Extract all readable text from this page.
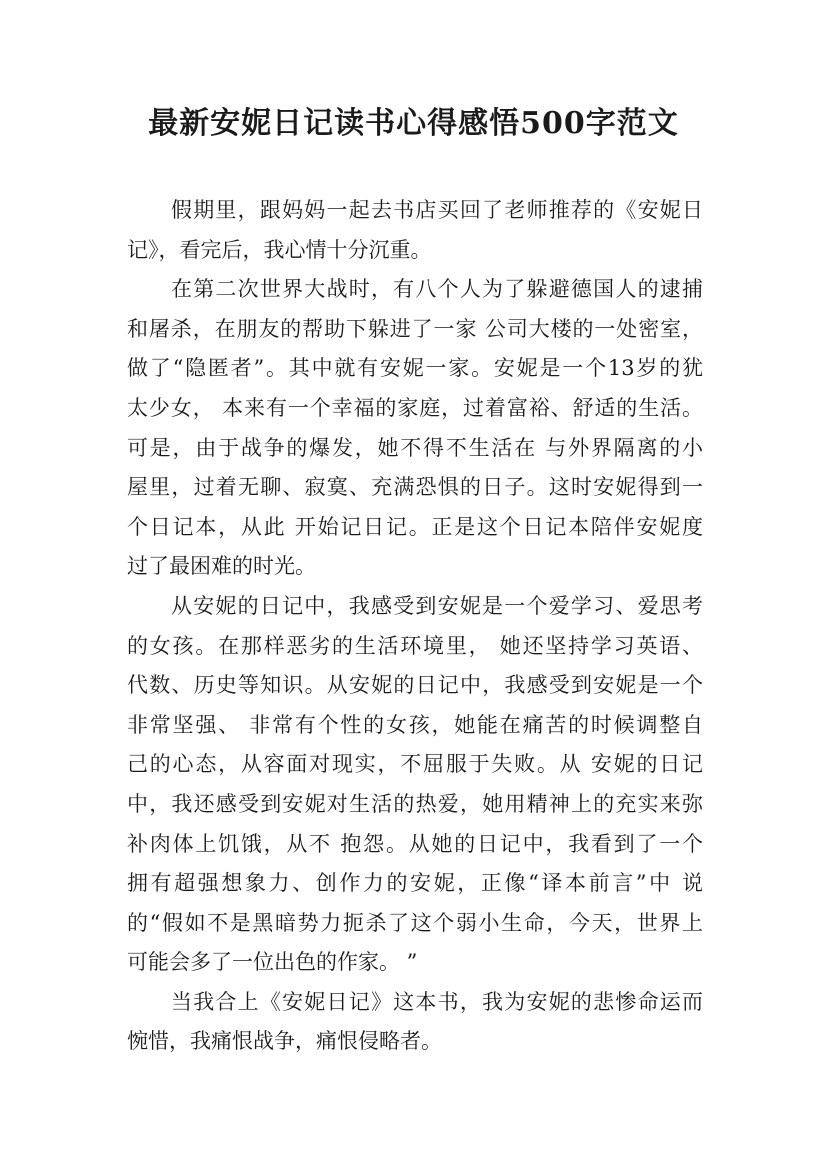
最新安妮日记读书心得感悟500字范文
假期里，跟妈妈一起去书店买回了老师推荐的《安妮日
记》，看完后，我心情十分沉重。
在第二次世界大战时，有八个人为了躲避德国人的逮捕
和屠杀，在朋友的帮助下躲进了一家 公司大楼的一处密室，
做了“隐匿者”。其中就有安妮一家。安妮是一个13岁的犹
太少女， 本来有一个幸福的家庭，过着富裕、舒适的生活。
可是，由于战争的爆发，她不得不生活在 与外界隔离的小
屋里，过着无聊、寂寞、充满恐惧的日子。这时安妮得到一
个日记本，从此 开始记日记。正是这个日记本陪伴安妮度
过了最困难的时光。
从安妮的日记中，我感受到安妮是一个爱学习、爱思考
的女孩。在那样恶劣的生活环境里， 她还坚持学习英语、
代数、历史等知识。从安妮的日记中，我感受到安妮是一个
非常坚强、 非常有个性的女孩，她能在痛苦的时候调整自
己的心态，从容面对现实，不屈服于失败。从 安妮的日记
中，我还感受到安妮对生活的热爱，她用精神上的充实来弥
补肉体上饥饿，从不 抱怨。从她的日记中，我看到了一个
拥有超强想象力、创作力的安妮，正像“译本前言”中 说
的“假如不是黑暗势力扼杀了这个弱小生命，今天，世界上
可能会多了一位出色的作家。 ”
当我合上《安妮日记》这本书，我为安妮的悲惨命运而
惋惜，我痛恨战争，痛恨侵略者。
